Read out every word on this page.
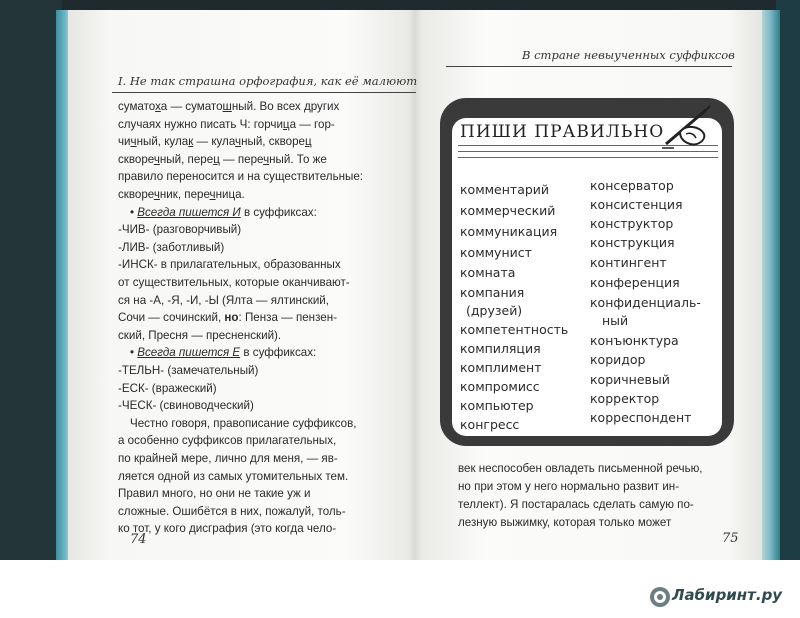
I. Не так страшна орфография, как её малюют
суматоха — суматошный. Во всех других
случаях нужно писать Ч: горчица — гор-
чичный, кулак — кулачный, скворец
скворечный, перец — перечный. То же
правило переносится и на существительные:
скворечник, перечница.
• Всегда пишется И в суффиксах:
-ЧИВ- (разговорчивый)
-ЛИВ- (заботливый)
-ИНСК- в прилагательных, образованных
от существительных, которые оканчивают-
ся на -А, -Я, -И, -Ы (Ялта — ялтинский,
Сочи — сочинский, но: Пенза — пензен-
ский, Пресня — пресненский).
• Всегда пишется Е в суффиксах:
-ТЕЛЬН- (замечательный)
-ЕСК- (вражеский)
-ЧЕСК- (свиноводческий)
Честно говоря, правописание суффиксов,
а особенно суффиксов прилагательных,
по крайней мере, лично для меня, — яв-
ляется одной из самых утомительных тем.
Правил много, но они не такие уж и
сложные. Ошибётся в них, пожалуй, толь-
ко тот, у кого дисграфия (это когда чело-
74
В стране невыученных суффиксов
ПИШИ ПРАВИЛЬНО
комментарий
коммерческий
коммуникация
коммунист
комната
компания
(друзей)
компетентность
компиляция
комплимент
компромисс
компьютер
конгресс
консерватор
консистенция
конструктор
конструкция
контингент
конференция
конфиденциаль-
ный
конъюнктура
коридор
коричневый
корректор
корреспондент
век неспособен овладеть письменной речью,
но при этом у него нормально развит ин-
теллект). Я постаралась сделать самую по-
лезную выжимку, которая только может
75
Лабиринт.ру
